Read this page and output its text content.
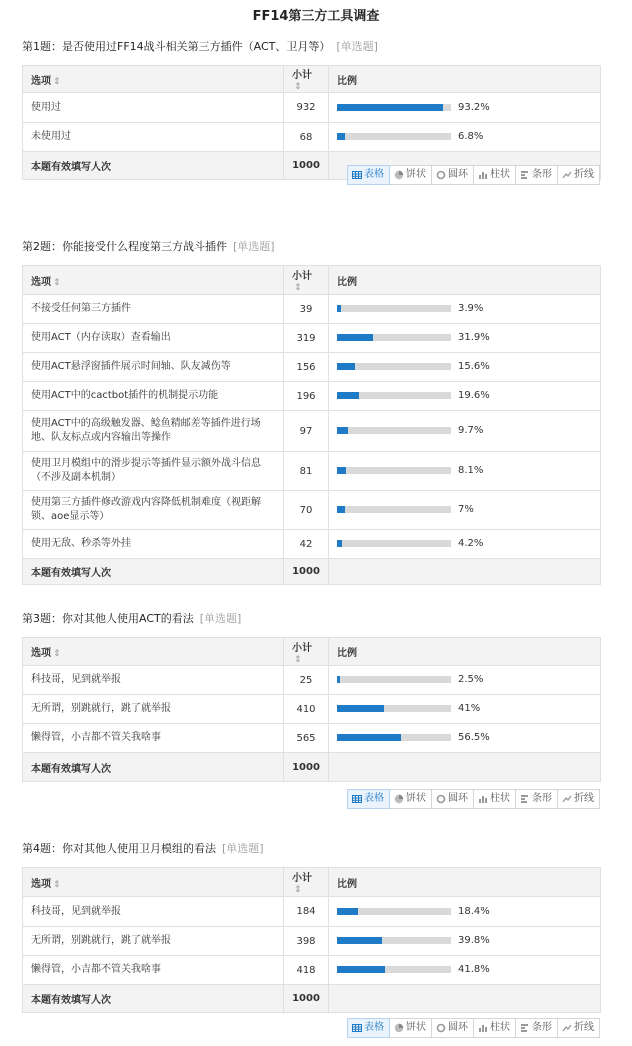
FF14第三方工具调查
第1题：是否使用过FF14战斗相关第三方插件（ACT、卫月等） [单选题]
选项 ⇕	小计⇕	比例
使用过	932	93.2%

未使用过	68	6.8%

本题有效填写人次	1000	
表格 饼状 圆环 柱状 条形 折线
第2题：你能接受什么程度第三方战斗插件 [单选题]
选项 ⇕	小计⇕	比例
不接受任何第三方插件	39	3.9%

使用ACT（内存读取）查看输出	319	31.9%

使用ACT悬浮窗插件展示时间轴、队友减伤等	156	15.6%

使用ACT中的cactbot插件的机制提示功能	196	19.6%

使用ACT中的高级触发器、鲶鱼精邮差等插件进行场地、队友标点或内容输出等操作	97	9.7%

使用卫月模组中的滑步提示等插件显示额外战斗信息（不涉及副本机制）	81	8.1%

使用第三方插件修改游戏内容降低机制难度（视距解锁、aoe显示等）	70	7%

使用无敌、秒杀等外挂	42	4.2%

本题有效填写人次	1000	
第3题：你对其他人使用ACT的看法 [单选题]
选项 ⇕	小计⇕	比例
科技哥，见到就举报	25	2.5%

无所谓，别跳就行，跳了就举报	410	41%

懒得管，小吉都不管关我啥事	565	56.5%

本题有效填写人次	1000	
表格 饼状 圆环 柱状 条形 折线
第4题：你对其他人使用卫月模组的看法 [单选题]
选项 ⇕	小计⇕	比例
科技哥，见到就举报	184	18.4%

无所谓，别跳就行，跳了就举报	398	39.8%

懒得管，小吉都不管关我啥事	418	41.8%

本题有效填写人次	1000	
表格 饼状 圆环 柱状 条形 折线
